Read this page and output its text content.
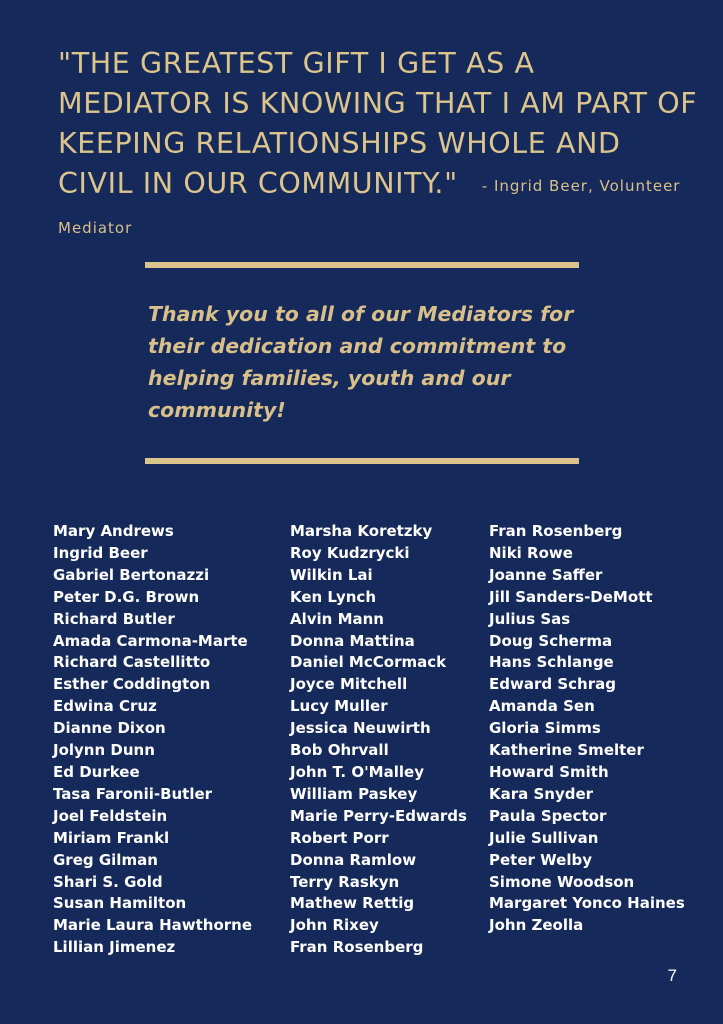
"THE GREATEST GIFT I GET AS A MEDIATOR IS KNOWING THAT I AM PART OF KEEPING RELATIONSHIPS WHOLE AND CIVIL IN OUR COMMUNITY." - Ingrid Beer, Volunteer Mediator

Thank you to all of our Mediators for their dedication and commitment to helping families, youth and our community!

Mary Andrews
Ingrid Beer
Gabriel Bertonazzi
Peter D.G. Brown
Richard Butler
Amada Carmona-Marte
Richard Castellitto
Esther Coddington
Edwina Cruz
Dianne Dixon
Jolynn Dunn
Ed Durkee
Tasa Faronii-Butler
Joel Feldstein
Miriam Frankl
Greg Gilman
Shari S. Gold
Susan Hamilton
Marie Laura Hawthorne
Lillian Jimenez
Marsha Koretzky
Roy Kudzrycki
Wilkin Lai
Ken Lynch
Alvin Mann
Donna Mattina
Daniel McCormack
Joyce Mitchell
Lucy Muller
Jessica Neuwirth
Bob Ohrvall
John T. O'Malley
William Paskey
Marie Perry-Edwards
Robert Porr
Donna Ramlow
Terry Raskyn
Mathew Rettig
John Rixey
Fran Rosenberg
Fran Rosenberg
Niki Rowe
Joanne Saffer
Jill Sanders-DeMott
Julius Sas
Doug Scherma
Hans Schlange
Edward Schrag
Amanda Sen
Gloria Simms
Katherine Smelter
Howard Smith
Kara Snyder
Paula Spector
Julie Sullivan
Peter Welby
Simone Woodson
Margaret Yonco Haines
John Zeolla
7
